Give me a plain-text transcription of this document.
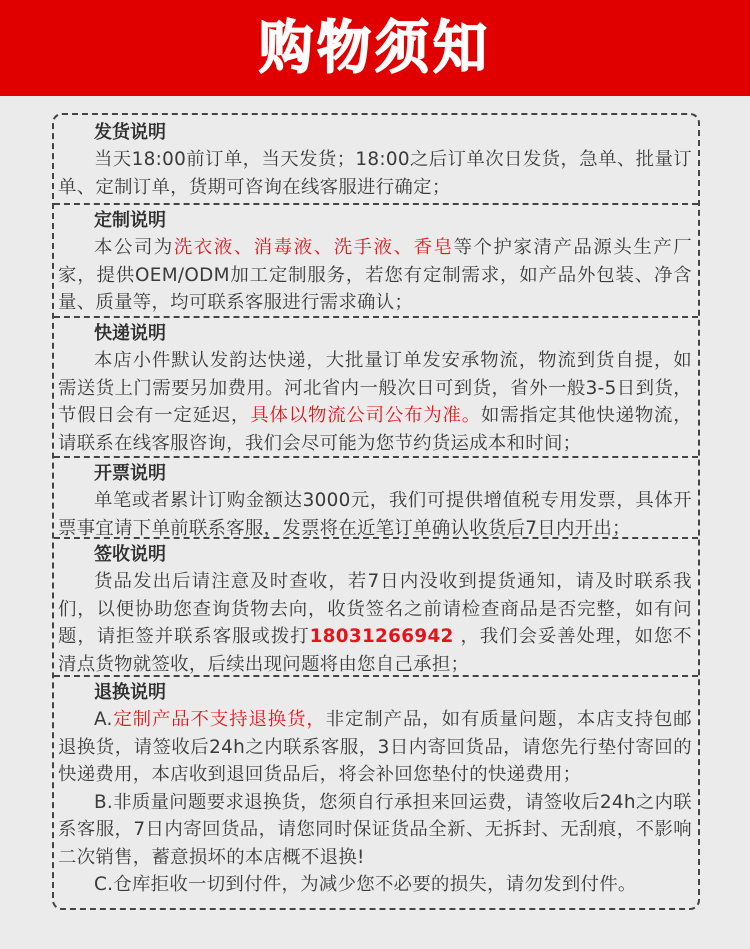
购物须知
发货说明

当天18:00前订单，当天发货；18:00之后订单次日发货，急单、批量订单、定制订单，货期可咨询在线客服进行确定；

定制说明

本公司为洗衣液、消毒液、洗手液、香皂等个护家清产品源头生产厂家，提供OEM/ODM加工定制服务，若您有定制需求，如产品外包装、净含量、质量等，均可联系客服进行需求确认；

快递说明

本店小件默认发韵达快递，大批量订单发安承物流，物流到货自提，如需送货上门需要另加费用。河北省内一般次日可到货，省外一般3-5日到货，节假日会有一定延迟，具体以物流公司公布为准。如需指定其他快递物流，请联系在线客服咨询，我们会尽可能为您节约货运成本和时间；

开票说明

单笔或者累计订购金额达3000元，我们可提供增值税专用发票，具体开票事宜请下单前联系客服，发票将在近笔订单确认收货后7日内开出；

签收说明

货品发出后请注意及时查收，若7日内没收到提货通知，请及时联系我们，以便协助您查询货物去向，收货签名之前请检查商品是否完整，如有问题，请拒签并联系客服或拨打18031266942 ，我们会妥善处理，如您不清点货物就签收，后续出现问题将由您自己承担；

退换说明

A.定制产品不支持退换货，非定制产品，如有质量问题，本店支持包邮退换货，请签收后24h之内联系客服，3日内寄回货品，请您先行垫付寄回的快递费用，本店收到退回货品后，将会补回您垫付的快递费用；

B.非质量问题要求退换货，您须自行承担来回运费，请签收后24h之内联系客服，7日内寄回货品，请您同时保证货品全新、无拆封、无刮痕，不影响二次销售，蓄意损坏的本店概不退换!

C.仓库拒收一切到付件，为减少您不必要的损失，请勿发到付件。
